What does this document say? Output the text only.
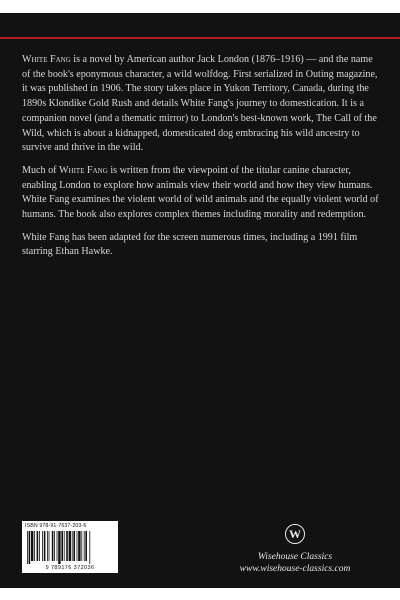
White Fang is a novel by American author Jack London (1876–1916) — and the name of the book's eponymous character, a wild wolfdog. First serialized in Outing magazine, it was published in 1906. The story takes place in Yukon Territory, Canada, during the 1890s Klondike Gold Rush and details White Fang's journey to domestication. It is a companion novel (and a thematic mirror) to London's best-known work, The Call of the Wild, which is about a kidnapped, domesticated dog embracing his wild ancestry to survive and thrive in the wild.

Much of White Fang is written from the viewpoint of the titular canine character, enabling London to explore how animals view their world and how they view humans. White Fang examines the violent world of wild animals and the equally violent world of humans. The book also explores complex themes including morality and redemption.

White Fang has been adapted for the screen numerous times, including a 1991 film starring Ethan Hawke.

ISBN 978-91-7637-203-6
9 789176 372036
W
Wisehouse Classics
www.wisehouse-classics.com
